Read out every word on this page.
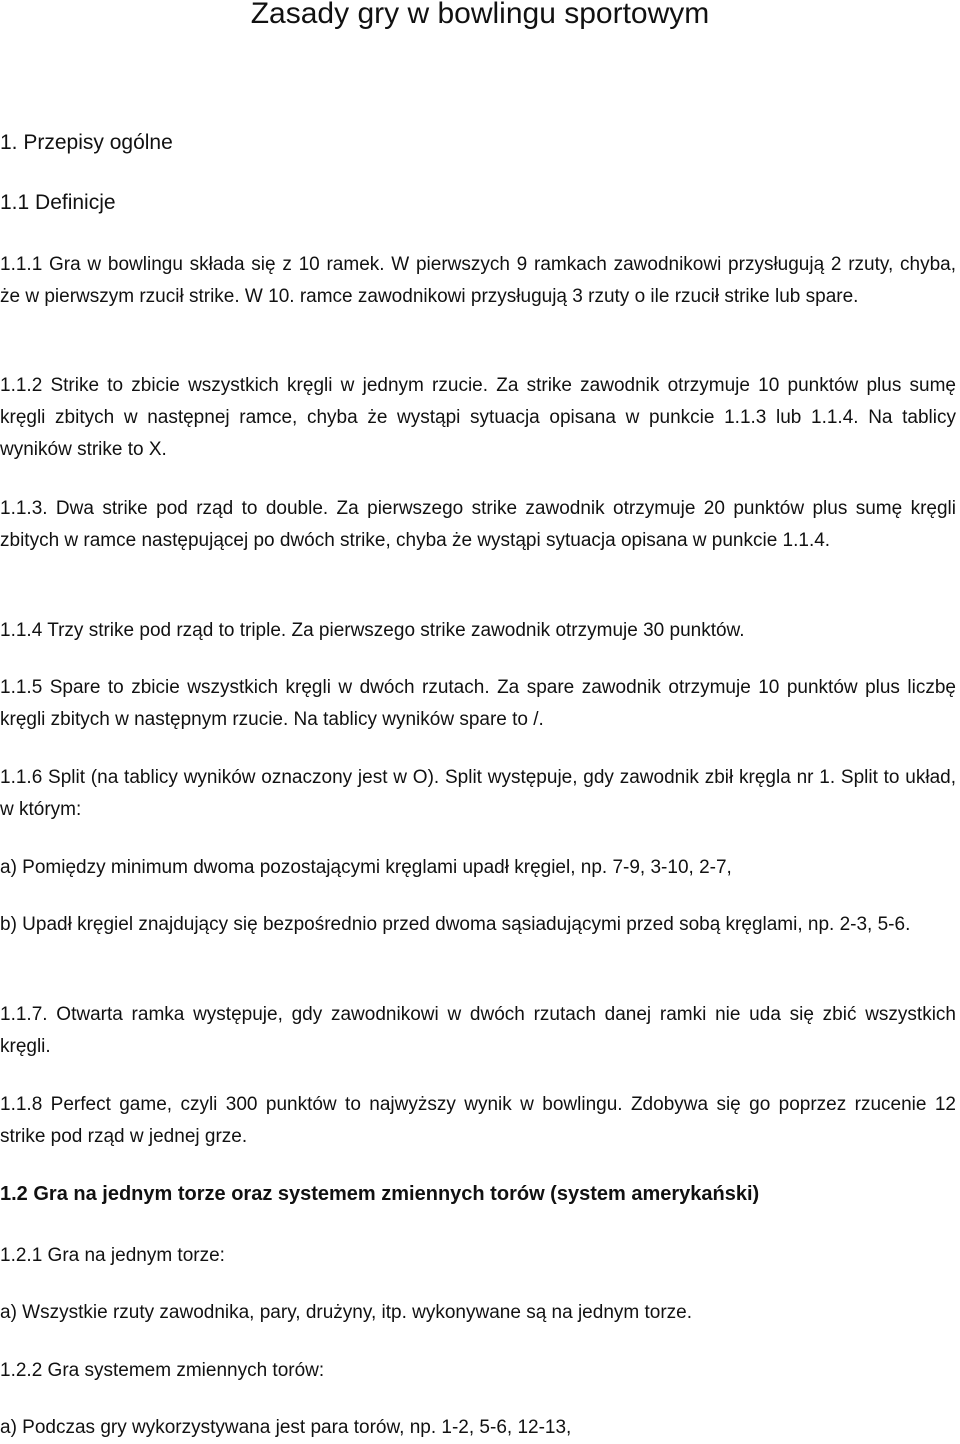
Zasady gry w bowlingu sportowym
1. Przepisy ogólne
1.1 Definicje

1.1.1 Gra w bowlingu składa się z 10 ramek. W pierwszych 9 ramkach zawodnikowi przysługują 2 rzuty, chyba, że w pierwszym rzucił strike. W 10. ramce zawodnikowi przysługują 3 rzuty o ile rzucił strike lub spare.

1.1.2 Strike to zbicie wszystkich kręgli w jednym rzucie. Za strike zawodnik otrzymuje 10 punktów plus sumę kręgli zbitych w następnej ramce, chyba że wystąpi sytuacja opisana w punkcie 1.1.3 lub 1.1.4. Na tablicy wyników strike to X.

1.1.3. Dwa strike pod rząd to double. Za pierwszego strike zawodnik otrzymuje 20 punktów plus sumę kręgli zbitych w ramce następującej po dwóch strike, chyba że wystąpi sytuacja opisana w punkcie 1.1.4.

1.1.4 Trzy strike pod rząd to triple. Za pierwszego strike zawodnik otrzymuje 30 punktów.

1.1.5 Spare to zbicie wszystkich kręgli w dwóch rzutach. Za spare zawodnik otrzymuje 10 punktów plus liczbę kręgli zbitych w następnym rzucie. Na tablicy wyników spare to /.

1.1.6 Split (na tablicy wyników oznaczony jest w O). Split występuje, gdy zawodnik zbił kręgla nr 1. Split to układ, w którym:

a) Pomiędzy minimum dwoma pozostającymi kręglami upadł kręgiel, np. 7-9, 3-10, 2-7,

b) Upadł kręgiel znajdujący się bezpośrednio przed dwoma sąsiadującymi przed sobą kręglami, np. 2-3, 5-6.

1.1.7. Otwarta ramka występuje, gdy zawodnikowi w dwóch rzutach danej ramki nie uda się zbić wszystkich kręgli.

1.1.8 Perfect game, czyli 300 punktów to najwyższy wynik w bowlingu. Zdobywa się go poprzez rzucenie 12 strike pod rząd w jednej grze.

1.2 Gra na jednym torze oraz systemem zmiennych torów (system amerykański)

1.2.1 Gra na jednym torze:

a) Wszystkie rzuty zawodnika, pary, drużyny, itp. wykonywane są na jednym torze.

1.2.2 Gra systemem zmiennych torów:

a) Podczas gry wykorzystywana jest para torów, np. 1-2, 5-6, 12-13,
